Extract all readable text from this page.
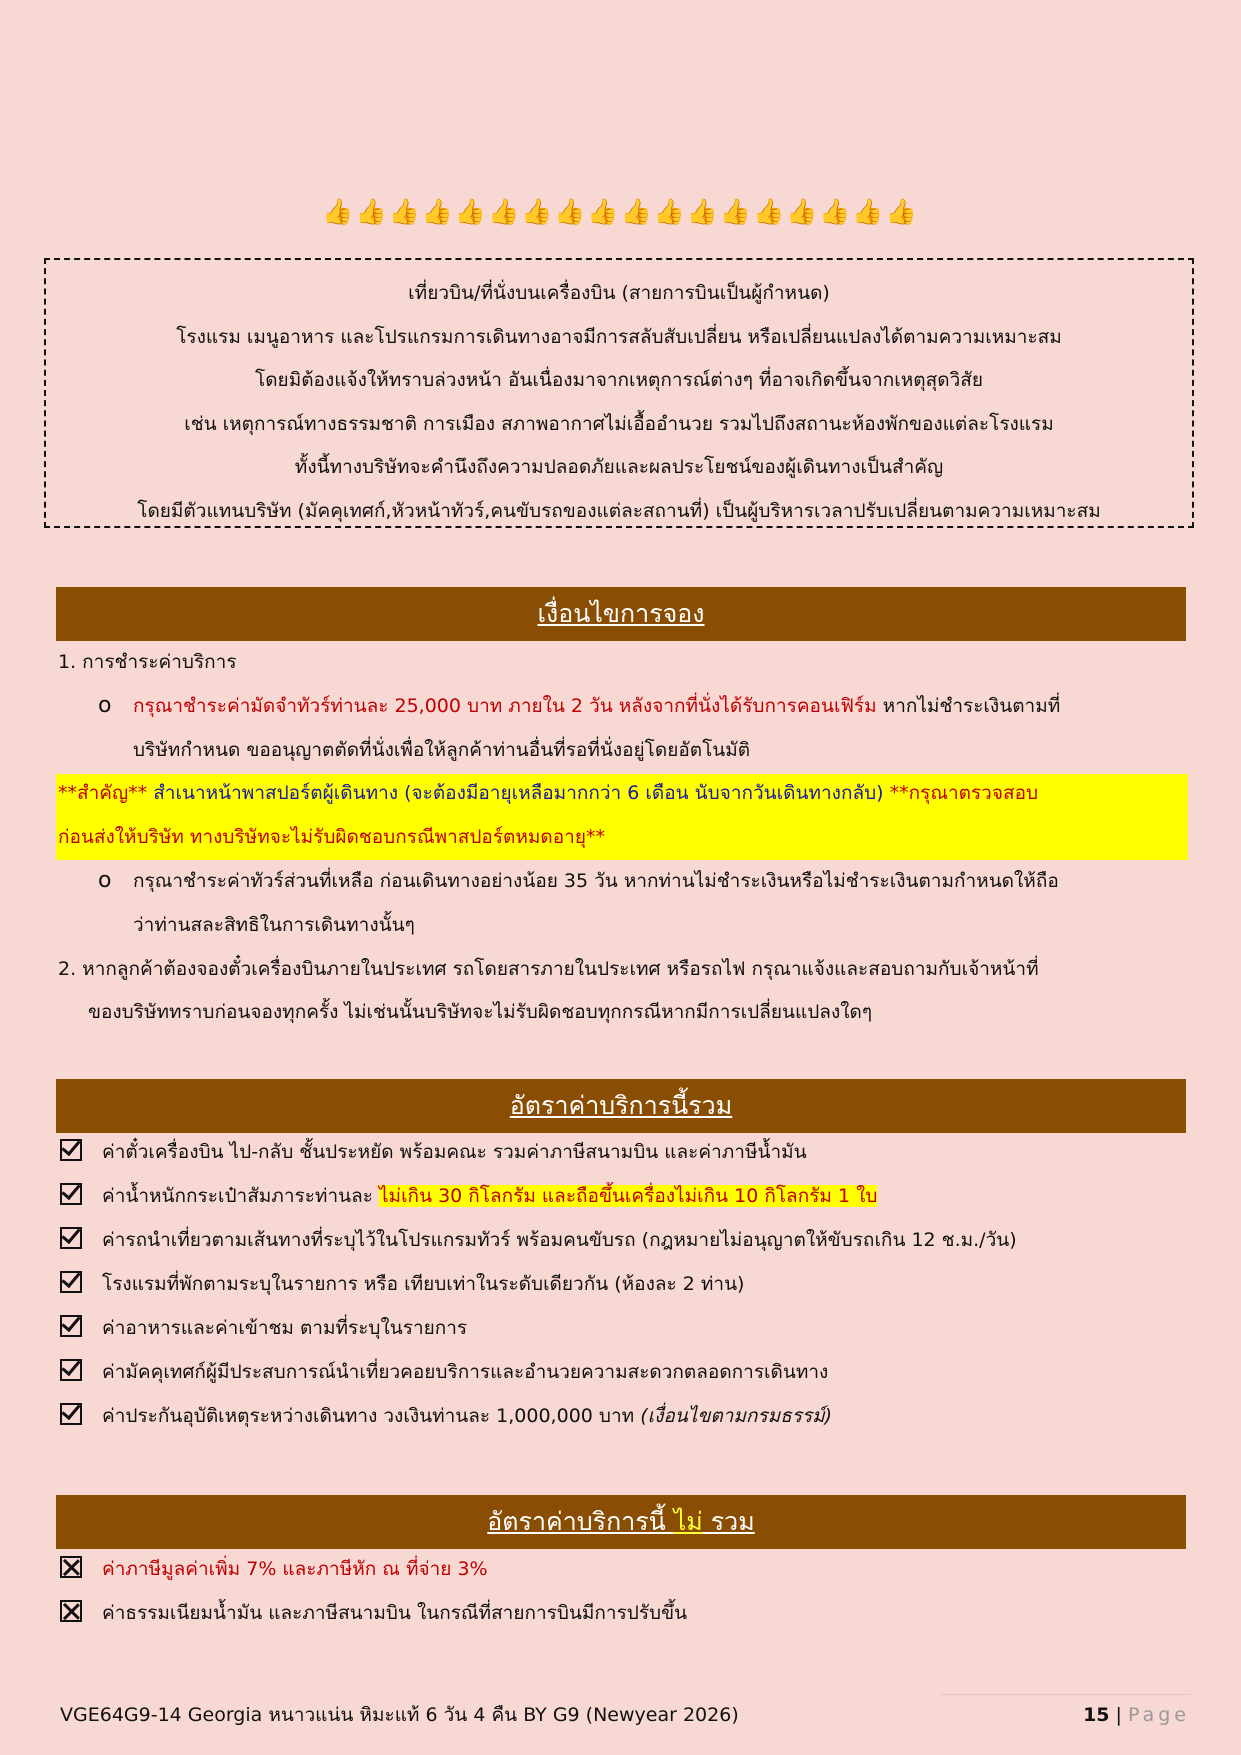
👍👍👍👍👍👍👍👍👍👍👍👍👍👍👍👍👍👍
เที่ยวบิน/ที่นั่งบนเครื่องบิน (สายการบินเป็นผู้กำหนด)
โรงแรม เมนูอาหาร และโปรแกรมการเดินทางอาจมีการสลับสับเปลี่ยน หรือเปลี่ยนแปลงได้ตามความเหมาะสม
โดยมิต้องแจ้งให้ทราบล่วงหน้า อันเนื่องมาจากเหตุการณ์ต่างๆ ที่อาจเกิดขึ้นจากเหตุสุดวิสัย
เช่น เหตุการณ์ทางธรรมชาติ การเมือง สภาพอากาศไม่เอื้ออำนวย รวมไปถึงสถานะห้องพักของแต่ละโรงแรม
ทั้งนี้ทางบริษัทจะคำนึงถึงความปลอดภัยและผลประโยชน์ของผู้เดินทางเป็นสำคัญ
โดยมีตัวแทนบริษัท (มัคคุเทศก์,หัวหน้าทัวร์,คนขับรถของแต่ละสถานที่) เป็นผู้บริหารเวลาปรับเปลี่ยนตามความเหมาะสม
เงื่อนไขการจอง
1. การชำระค่าบริการ
o กรุณาชำระค่ามัดจำทัวร์ท่านละ 25,000 บาท ภายใน 2 วัน หลังจากที่นั่งได้รับการคอนเฟิร์ม หากไม่ชำระเงินตามที่
บริษัทกำหนด ขออนุญาตตัดที่นั่งเพื่อให้ลูกค้าท่านอื่นที่รอที่นั่งอยู่โดยอัตโนมัติ
**สำคัญ** สำเนาหน้าพาสปอร์ตผู้เดินทาง (จะต้องมีอายุเหลือมากกว่า 6 เดือน นับจากวันเดินทางกลับ) **กรุณาตรวจสอบ
ก่อนส่งให้บริษัท ทางบริษัทจะไม่รับผิดชอบกรณีพาสปอร์ตหมดอายุ**
o กรุณาชำระค่าทัวร์ส่วนที่เหลือ ก่อนเดินทางอย่างน้อย 35 วัน หากท่านไม่ชำระเงินหรือไม่ชำระเงินตามกำหนดให้ถือ
ว่าท่านสละสิทธิในการเดินทางนั้นๆ
2. หากลูกค้าต้องจองตั๋วเครื่องบินภายในประเทศ รถโดยสารภายในประเทศ หรือรถไฟ กรุณาแจ้งและสอบถามกับเจ้าหน้าที่
ของบริษัททราบก่อนจองทุกครั้ง ไม่เช่นนั้นบริษัทจะไม่รับผิดชอบทุกกรณีหากมีการเปลี่ยนแปลงใดๆ
อัตราค่าบริการนี้รวม
ค่าตั๋วเครื่องบิน ไป-กลับ ชั้นประหยัด พร้อมคณะ รวมค่าภาษีสนามบิน และค่าภาษีน้ำมัน
ค่าน้ำหนักกระเป๋าสัมภาระท่านละ ไม่เกิน 30 กิโลกรัม และถือขึ้นเครื่องไม่เกิน 10 กิโลกรัม 1 ใบ
ค่ารถนำเที่ยวตามเส้นทางที่ระบุไว้ในโปรแกรมทัวร์ พร้อมคนขับรถ (กฎหมายไม่อนุญาตให้ขับรถเกิน 12 ช.ม./วัน)
โรงแรมที่พักตามระบุในรายการ หรือ เทียบเท่าในระดับเดียวกัน (ห้องละ 2 ท่าน)
ค่าอาหารและค่าเข้าชม ตามที่ระบุในรายการ
ค่ามัคคุเทศก์ผู้มีประสบการณ์นำเที่ยวคอยบริการและอำนวยความสะดวกตลอดการเดินทาง
ค่าประกันอุบัติเหตุระหว่างเดินทาง วงเงินท่านละ 1,000,000 บาท (เงื่อนไขตามกรมธรรม์)
อัตราค่าบริการนี้ ไม่ รวม
ค่าภาษีมูลค่าเพิ่ม 7% และภาษีหัก ณ ที่จ่าย 3%
ค่าธรรมเนียมน้ำมัน และภาษีสนามบิน ในกรณีที่สายการบินมีการปรับขึ้น
VGE64G9-14 Georgia หนาวแน่น หิมะแท้ 6 วัน 4 คืน BY G9 (Newyear 2026)	15 | Page
